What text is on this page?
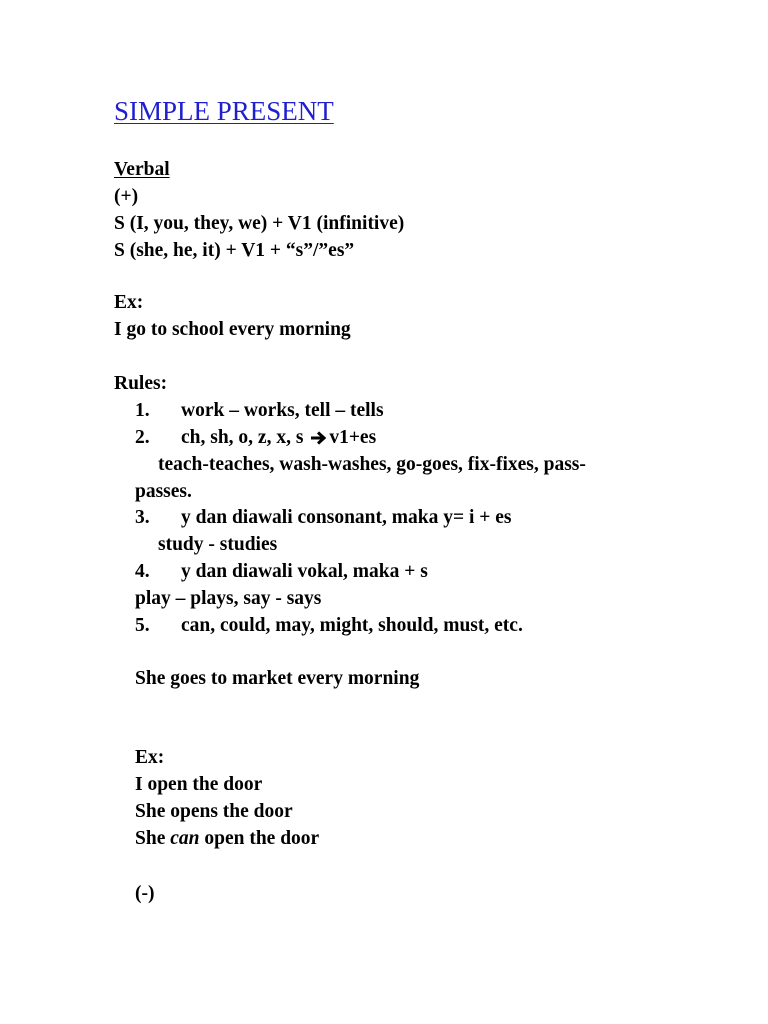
SIMPLE PRESENT
Verbal
(+)
S (I, you, they, we) + V1 (infinitive)
S (she, he, it) + V1 + “s”/”es”
Ex:
I go to school every morning
Rules:
1. work – works, tell – tells
2. ch, sh, o, z, x, s v1+es
teach-teaches, wash-washes, go-goes, fix-fixes, pass-
passes.
3. y dan diawali consonant, maka y= i + es
study - studies
4. y dan diawali vokal, maka + s
play – plays, say - says
5. can, could, may, might, should, must, etc.
She goes to market every morning
Ex:
I open the door
She opens the door
She can open the door
(-)
